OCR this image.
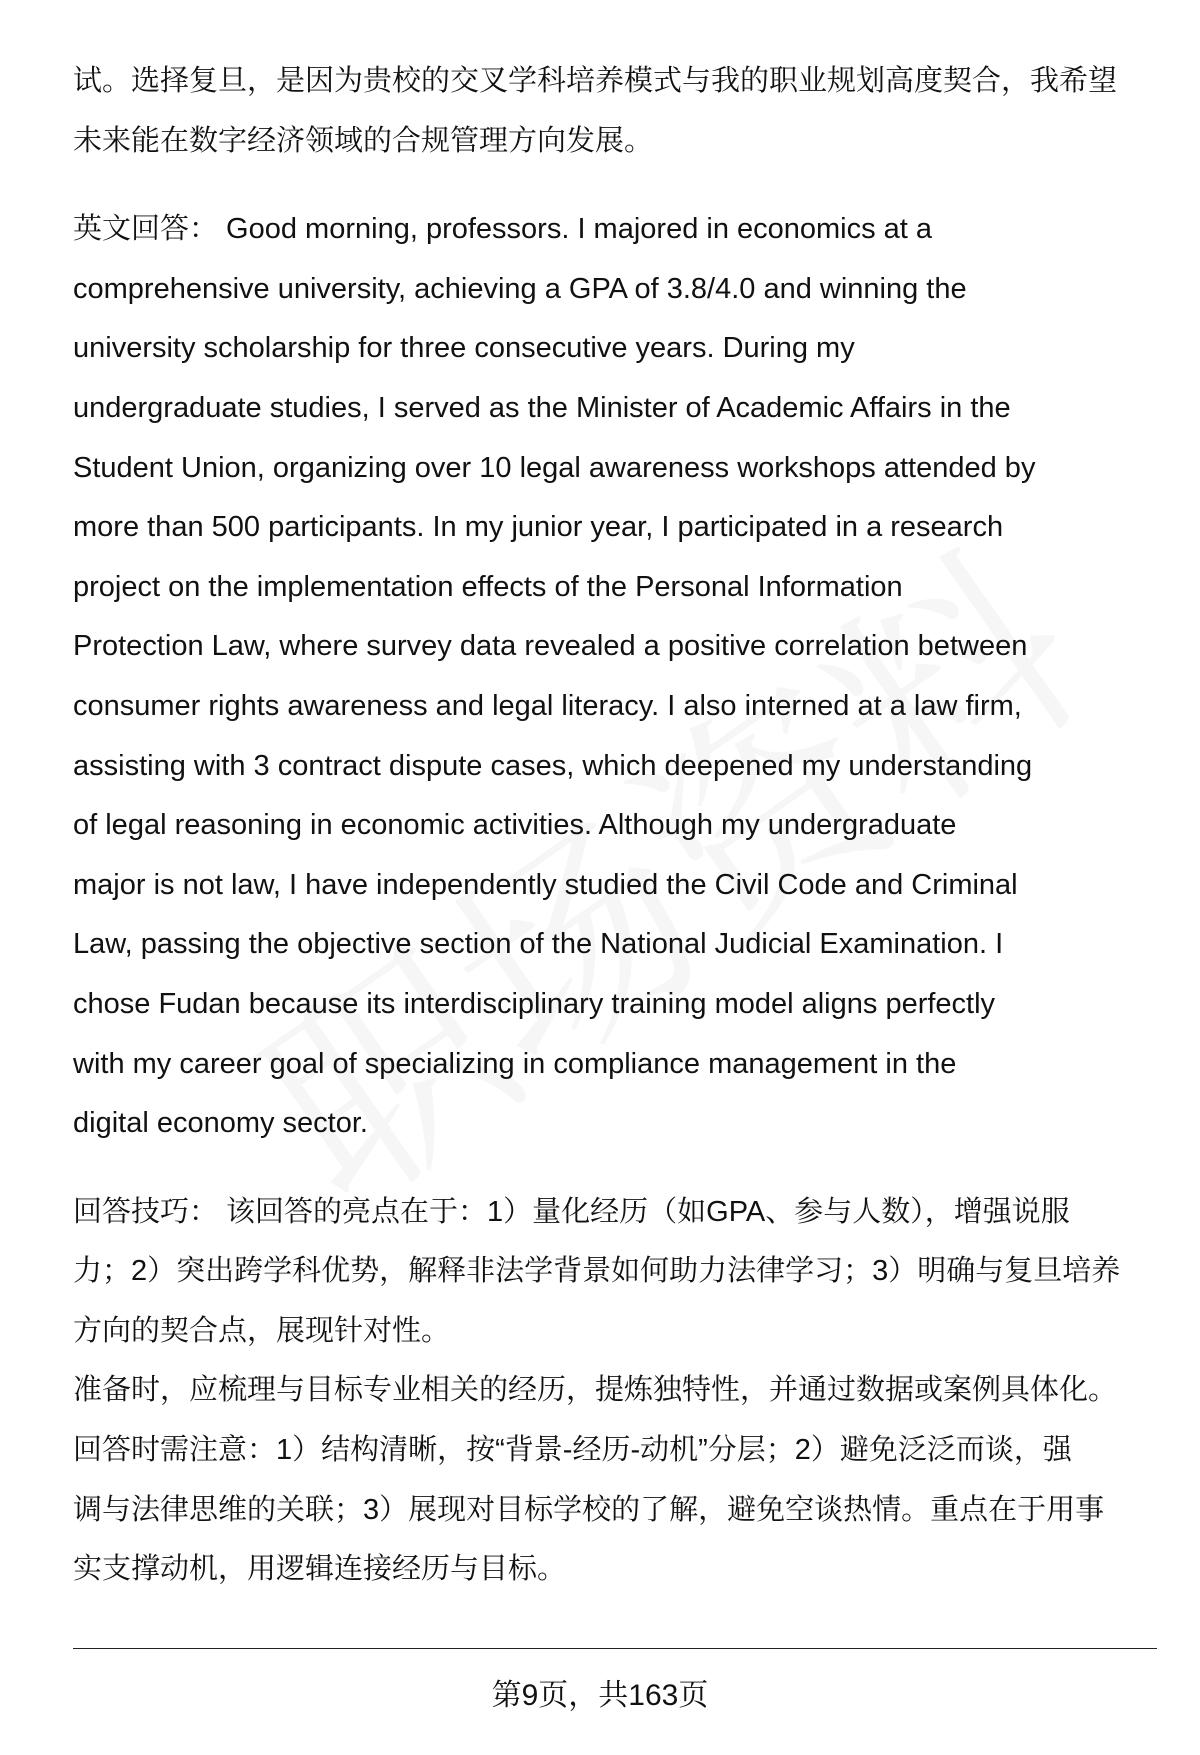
试。选择复旦，是因为贵校的交叉学科培养模式与我的职业规划高度契合，我希望
未来能在数字经济领域的合规管理方向发展。
英文回答： Good morning, professors. I majored in economics at a
comprehensive university, achieving a GPA of 3.8/4.0 and winning the
university scholarship for three consecutive years. During my
undergraduate studies, I served as the Minister of Academic Affairs in the
Student Union, organizing over 10 legal awareness workshops attended by
more than 500 participants. In my junior year, I participated in a research
project on the implementation effects of the Personal Information
Protection Law, where survey data revealed a positive correlation between
consumer rights awareness and legal literacy. I also interned at a law firm,
assisting with 3 contract dispute cases, which deepened my understanding
of legal reasoning in economic activities. Although my undergraduate
major is not law, I have independently studied the Civil Code and Criminal
Law, passing the objective section of the National Judicial Examination. I
chose Fudan because its interdisciplinary training model aligns perfectly
with my career goal of specializing in compliance management in the
digital economy sector.
回答技巧： 该回答的亮点在于：1）量化经历（如GPA、参与人数），增强说服
力；2）突出跨学科优势，解释非法学背景如何助力法律学习；3）明确与复旦培养
方向的契合点，展现针对性。
准备时，应梳理与目标专业相关的经历，提炼独特性，并通过数据或案例具体化。
回答时需注意：1）结构清晰，按“背景-经历-动机”分层；2）避免泛泛而谈，强
调与法律思维的关联；3）展现对目标学校的了解，避免空谈热情。重点在于用事
实支撑动机，用逻辑连接经历与目标。
第9页，共163页
